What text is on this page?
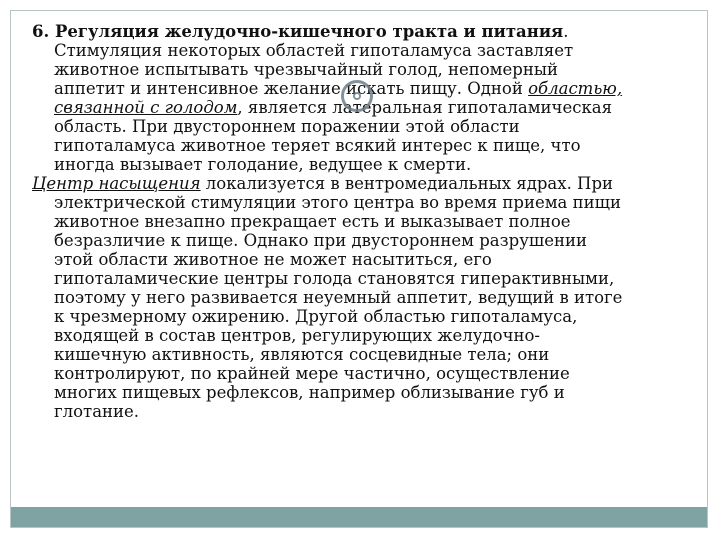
6. Регуляция желудочно-кишечного тракта и питания.
Стимуляция некоторых областей гипоталамуса заставляет
животное испытывать чрезвычайный голод, непомерный
аппетит и интенсивное желание искать пищу. Одной областью,
связанной с голодом, является латеральная гипоталамическая
область. При двустороннем поражении этой области
гипоталамуса животное теряет всякий интерес к пище, что
иногда вызывает голодание, ведущее к смерти.

Центр насыщения локализуется в вентромедиальных ядрах. При
электрической стимуляции этого центра во время приема пищи
животное внезапно прекращает есть и выказывает полное
безразличие к пище. Однако при двустороннем разрушении
этой области животное не может насытиться, его
гипоталамические центры голода становятся гиперактивными,
поэтому у него развивается неуемный аппетит, ведущий в итоге
к чрезмерному ожирению. Другой областью гипоталамуса,
входящей в состав центров, регулирующих желудочно-
кишечную активность, являются сосцевидные тела; они
контролируют, по крайней мере частично, осуществление
многих пищевых рефлексов, например облизывание губ и
глотание.
